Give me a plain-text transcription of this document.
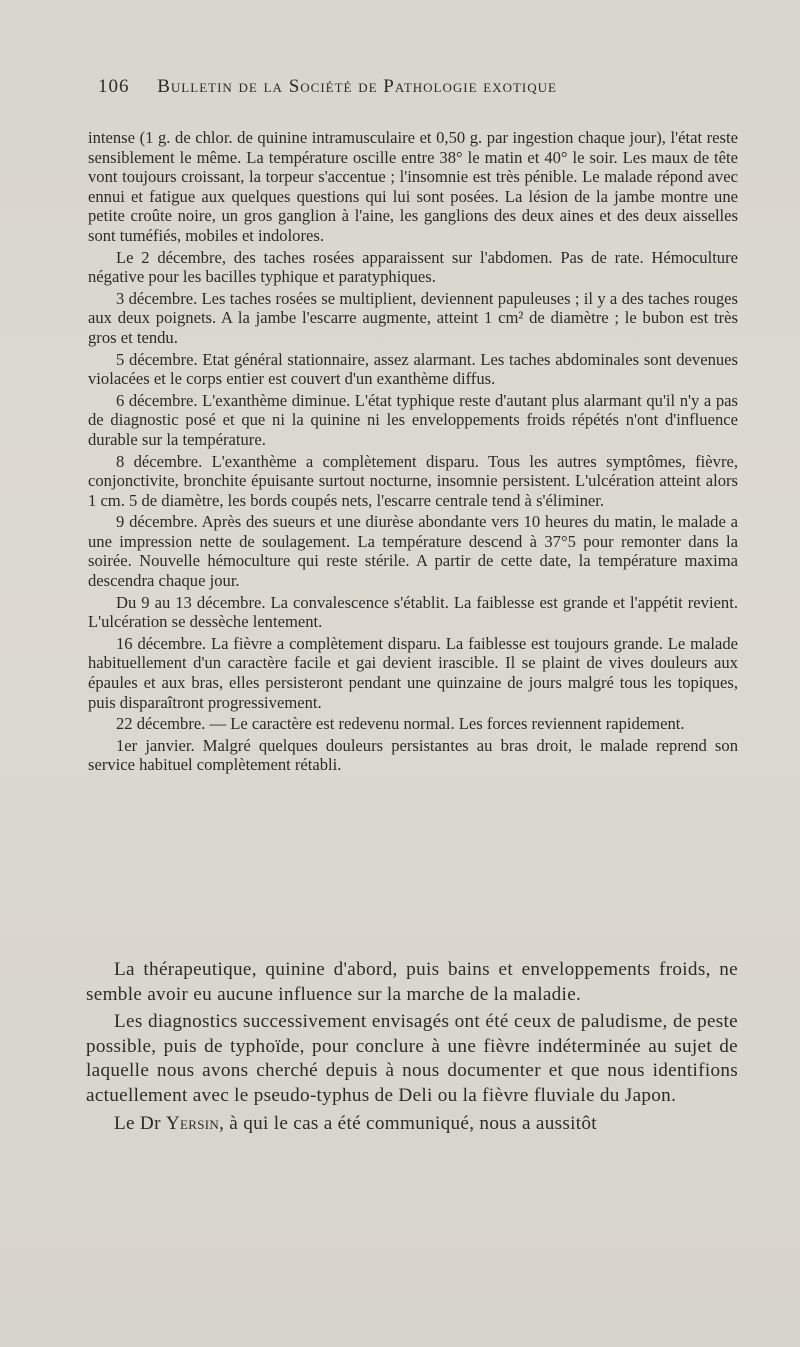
106 Bulletin de la Société de Pathologie exotique

intense (1 g. de chlor. de quinine intramusculaire et 0,50 g. par ingestion chaque jour), l'état reste sensiblement le même. La température oscille entre 38° le matin et 40° le soir. Les maux de tête vont toujours croissant, la torpeur s'accentue ; l'insomnie est très pénible. Le malade répond avec ennui et fatigue aux quelques questions qui lui sont posées. La lésion de la jambe montre une petite croûte noire, un gros ganglion à l'aine, les ganglions des deux aines et des deux aisselles sont tuméfiés, mobiles et indolores.

Le 2 décembre, des taches rosées apparaissent sur l'abdomen. Pas de rate. Hémoculture négative pour les bacilles typhique et paratyphiques.

3 décembre. Les taches rosées se multiplient, deviennent papuleuses ; il y a des taches rouges aux deux poignets. A la jambe l'escarre augmente, atteint 1 cm² de diamètre ; le bubon est très gros et tendu.

5 décembre. Etat général stationnaire, assez alarmant. Les taches abdominales sont devenues violacées et le corps entier est couvert d'un exanthème diffus.

6 décembre. L'exanthème diminue. L'état typhique reste d'autant plus alarmant qu'il n'y a pas de diagnostic posé et que ni la quinine ni les enveloppements froids répétés n'ont d'influence durable sur la température.

8 décembre. L'exanthème a complètement disparu. Tous les autres symptômes, fièvre, conjonctivite, bronchite épuisante surtout nocturne, insomnie persistent. L'ulcération atteint alors 1 cm. 5 de diamètre, les bords coupés nets, l'escarre centrale tend à s'éliminer.

9 décembre. Après des sueurs et une diurèse abondante vers 10 heures du matin, le malade a une impression nette de soulagement. La température descend à 37°5 pour remonter dans la soirée. Nouvelle hémoculture qui reste stérile. A partir de cette date, la température maxima descendra chaque jour.

Du 9 au 13 décembre. La convalescence s'établit. La faiblesse est grande et l'appétit revient. L'ulcération se dessèche lentement.

16 décembre. La fièvre a complètement disparu. La faiblesse est toujours grande. Le malade habituellement d'un caractère facile et gai devient irascible. Il se plaint de vives douleurs aux épaules et aux bras, elles persisteront pendant une quinzaine de jours malgré tous les topiques, puis disparaîtront progressivement.

22 décembre. — Le caractère est redevenu normal. Les forces reviennent rapidement.

1er janvier. Malgré quelques douleurs persistantes au bras droit, le malade reprend son service habituel complètement rétabli.

La thérapeutique, quinine d'abord, puis bains et enveloppements froids, ne semble avoir eu aucune influence sur la marche de la maladie.

Les diagnostics successivement envisagés ont été ceux de paludisme, de peste possible, puis de typhoïde, pour conclure à une fièvre indéterminée au sujet de laquelle nous avons cherché depuis à nous documenter et que nous identifions actuellement avec le pseudo-typhus de Deli ou la fièvre fluviale du Japon.

Le Dr Yersin, à qui le cas a été communiqué, nous a aussitôt
